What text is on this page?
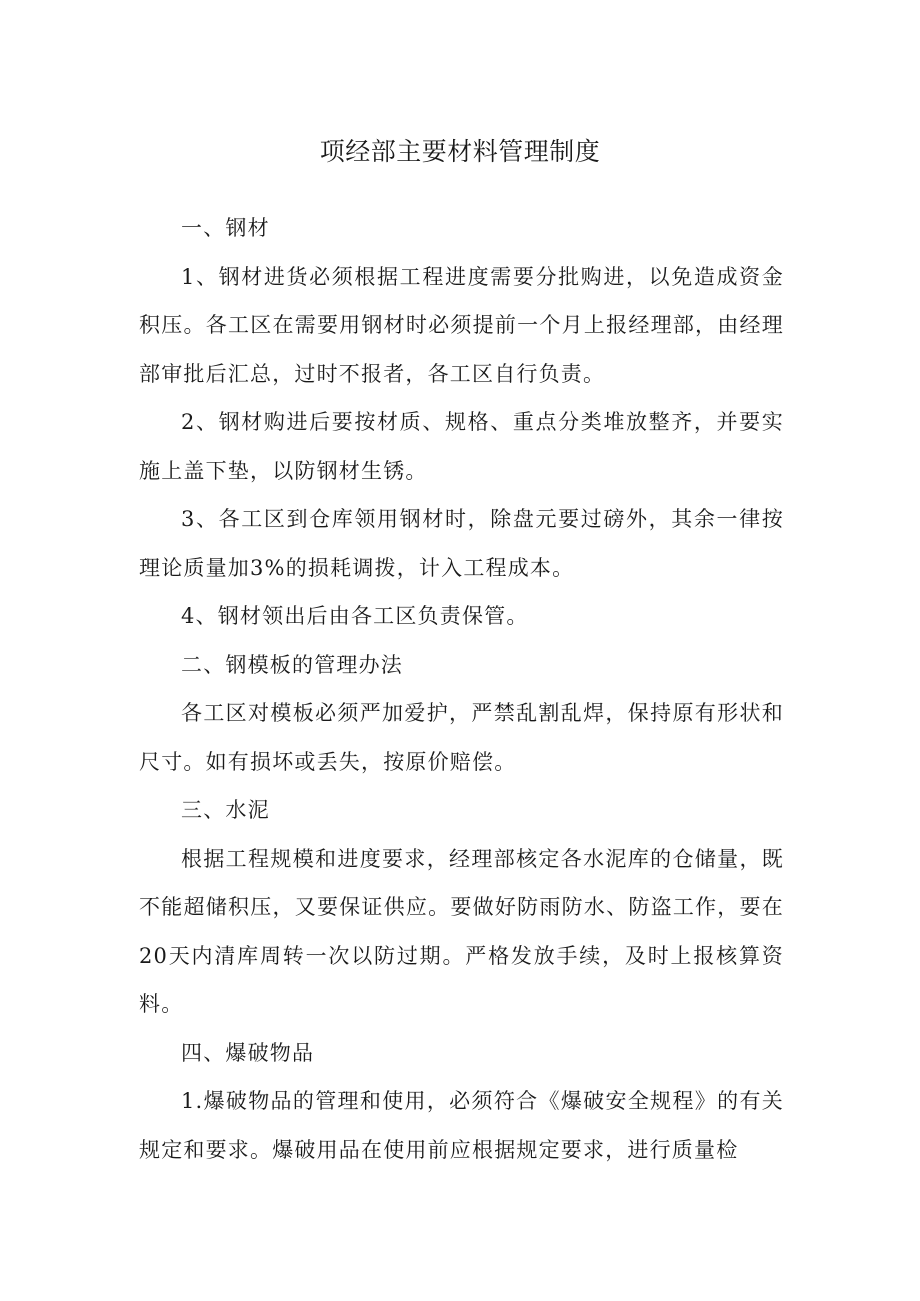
项经部主要材料管理制度

一、钢材

1、钢材进货必须根据工程进度需要分批购进，以免造成资金积压。各工区在需要用钢材时必须提前一个月上报经理部，由经理部审批后汇总，过时不报者，各工区自行负责。

2、钢材购进后要按材质、规格、重点分类堆放整齐，并要实施上盖下垫，以防钢材生锈。

3、各工区到仓库领用钢材时，除盘元要过磅外，其余一律按理论质量加3%的损耗调拨，计入工程成本。

4、钢材领出后由各工区负责保管。

二、钢模板的管理办法

各工区对模板必须严加爱护，严禁乱割乱焊，保持原有形状和尺寸。如有损坏或丢失，按原价赔偿。

三、水泥

根据工程规模和进度要求，经理部核定各水泥库的仓储量，既不能超储积压，又要保证供应。要做好防雨防水、防盗工作，要在20天内清库周转一次以防过期。严格发放手续，及时上报核算资料。

四、爆破物品

1.爆破物品的管理和使用，必须符合《爆破安全规程》的有关规定和要求。爆破用品在使用前应根据规定要求，进行质量检
